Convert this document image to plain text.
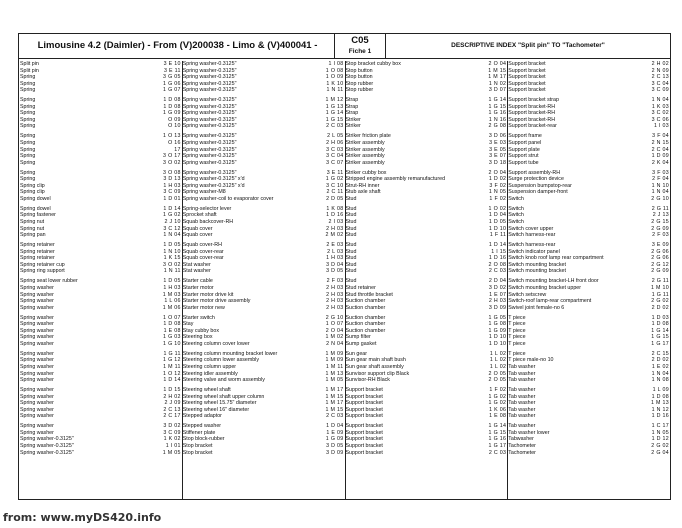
Limousine 4.2 (Daimler) - From (V)200038 - Limo & (V)400041 -	C05
Fiche 1
DESCRIPTIVE INDEX "Split pin" TO "Tachometer"
Split pin	3 E 10
Split pin	3 E 11
Spring	3 G 05
Spring	1 G 06
Spring	1 G 07
Spring	1 D 08
Spring	1 D 08
Spring	1 G 09
Spring	O 09
Spring	O 10
Spring	1 O 13
Spring	O 16
Spring	17
Spring	3 O 17
Spring	3 O 02
Spring	3 O 08
Spring	3 D 13
Spring clip	1 H 03
Spring clip	3 C 09
Spring dowel	1 D 01
Spring dowel	1 D 14
Spring fastener	1 G 02
Spring nut	2 J 10
Spring nut	3 C 12
Spring pan	1 N 04
Spring retainer	1 D 05
Spring retainer	1 N 10
Spring retainer	1 K 15
Spring retainer cup	3 O 02
Spring ring support	1 N 11
Spring seat lower rubber	1 D 05
Spring washer	1 H 03
Spring washer	1 M 03
Spring washer	1 L 06
Spring washer	1 M 06
Spring washer	1 O 07
Spring washer	1 D 08
Spring washer	1 E 08
Spring washer	1 G 03
Spring washer	1 G 10
Spring washer	1 G 11
Spring washer	1 G 12
Spring washer	1 M 11
Spring washer	1 O 12
Spring washer	1 D 14
Spring washer	1 D 15
Spring washer	2 H 02
Spring washer	2 J 09
Spring washer	2 C 13
Spring washer	2 C 17
Spring washer	3 D 02
Spring washer	3 C 09
Spring washer-0.3125"	1 K 02
Spring washer-0.3125"	1 I 01
Spring washer-0.3125"	1 M 05
Spring washer-0.3125"	1 I 08
Spring washer-0.3125"	1 O 08
Spring washer-0.3125"	1 O 09
Spring washer-0.3125"	1 K 10
Spring washer-0.3125"	1 N 11
Spring washer-0.3125"	1 M 12
Spring washer-0.3125"	1 G 13
Spring washer-0.3125"	1 G 14
Spring washer-0.3125"	1 G 15
Spring washer-0.3125"	2 C 03
Spring washer-0.3125"	2 L 05
Spring washer-0.3125"	2 H 06
Spring washer-0.3125"	3 C 03
Spring washer-0.3125"	3 C 04
Spring washer-0.3125"	3 C 07
Spring washer-0.3125"	3 E 11
Spring washer-0.3125" x'd	1 G 02
Spring washer-0.3125" x'd	3 C 10
Spring washer-M8	2 C 11
Spring washer-coil to evaporator cover	2 D 05
Spring-selector lever	1 K 08
Sprocket shaft	1 D 16
Squab backcover-RH	2 I 03
Squab cover	2 H 03
Squab cover	2 M 02
Squab cover-RH	2 E 03
Squab cover-rear	2 L 03
Squab cover-rear	1 H 03
Stat washer	3 D 04
Stat washer	3 D 05
Starter cable	2 F 03
Starter motor	2 H 03
Starter motor drive kit	2 H 03
Starter motor drive assembly	2 H 03
Starter motor new	2 H 03
Starter switch	2 G 10
Stay	1 O 07
Stay cubby box	2 O 04
Steering box	1 M 02
Steering column cover lower	2 N 04
Steering column mounting bracket lower	1 M 09
Steering column lower assembly	1 M 09
Steering column upper	1 M 11
Steering idler assembly	1 M 13
Steering valve and worm assembly	1 M 05
Steering wheel shaft	1 M 17
Steering wheel shaft upper column	1 M 15
Steering wheel 15.75" diameter	1 M 17
Steering wheel 16" diameter	1 M 15
Stepped adaptor	2 C 03
Stepped washer	1 D 04
Stiffener plate	1 E 09
Stop block-rubber	1 G 09
Stop bracket	3 D 05
Stop bracket	3 D 09
Stop bracket cubby box	2 O 04
Stop button	1 M 15
Stop button	1 M 17
Stop rubber	1 N 02
Stop rubber	3 D 07
Strap	1 G 14
Strap	1 G 15
Strap	1 G 16
Striker	1 N 16
Striker	2 G 08
Striker friction plate	3 D 06
Striker assembly	3 E 03
Striker assembly	3 E 05
Striker assembly	3 E 07
Striker assembly	3 D 18
Striker cubby box	2 O 04
Stripped engine assembly remanufactured	1 D 02
Strut-RH inner	3 F 02
Stub axle shaft	1 N 05
Stud	1 F 02
Stud	1 O 02
Stud	1 D 04
Stud	1 D 05
Stud	1 D 10
Stud	1 F 11
Stud	1 D 14
Stud	1 I 15
Stud	1 D 16
Stud	2 O 08
Stud	2 C 03
Stud	2 D 04
Stud retainer	3 D 02
Stud throttle bracket	1 E 07
Suction chamber	2 H 03
Suction chamber	3 D 09
Suction chamber	1 G 05
Suction chamber	1 G 08
Suction chamber	1 G 09
Sump filter	1 D 10
Sump gasket	1 D 10
Sun gear	1 L 02
Sun gear main shaft bush	1 L 02
Sun gear shaft assembly	1 L 02
Sunvisor support clip Black	2 O 05
Sunvisor-RH Black	2 O 05
Support bracket	1 F 02
Support bracket	1 G 02
Support bracket	1 G 02
Support bracket	1 K 06
Support bracket	1 E 08
Support bracket	1 G 14
Support bracket	1 G 15
Support bracket	1 G 16
Support bracket	1 G 17
Support bracket	2 C 03
Support bracket	2 H 02
Support bracket	2 N 09
Support bracket	2 C 13
Support bracket	3 C 04
Support bracket	3 C 09
Support bracket strap	1 N 04
Support bracket-RH	1 K 03
Support bracket-RH	3 C 02
Support bracket-RH	3 C 06
Support bracket-rear	1 I 03
Support frame	3 F 04
Support panel	2 N 15
Support plate	2 C 04
Support strut	1 D 09
Support tube	2 K 04
Support assembly-RH	3 F 03
Surge protection device	2 F 04
Suspension bumpstop-rear	1 N 10
Suspension damper-front	1 N 04
Switch	2 G 10
Switch	2 G 11
Switch	2 J 13
Switch	2 G 15
Switch cover upper	2 G 09
Switch harness-rear	2 F 03
Switch harness-rear	3 E 09
Switch indicator panel	2 G 06
Switch knob roof lamp rear compartment	2 G 06
Switch mounting bracket	2 G 12
Switch mounting bracket	2 G 09
Switch mounting bracket-LH front door	2 G 11
Switch mounting bracket upper	1 M 10
Switch setscrew	1 G 11
Switch-roof lamp-rear compartment	2 G 02
Swivel joint female-no 6	2 D 02
T piece	1 D 03
T piece	1 D 08
T piece	1 G 14
T piece	1 G 15
T piece	1 G 17
T piece	2 C 15
T piece male-no 10	2 D 02
Tab washer	1 E 02
Tab washer	1 N 04
Tab washer	1 N 08
Tab washer	1 L 09
Tab washer	1 D 08
Tab washer	1 M 13
Tab washer	1 N 12
Tab washer	1 D 16
Tab washer	1 C 17
Tab washer lower	1 N 05
Tabwasher	1 D 12
Tachometer	2 G 02
Tachometer	2 G 04
from: www.myDS420.info
